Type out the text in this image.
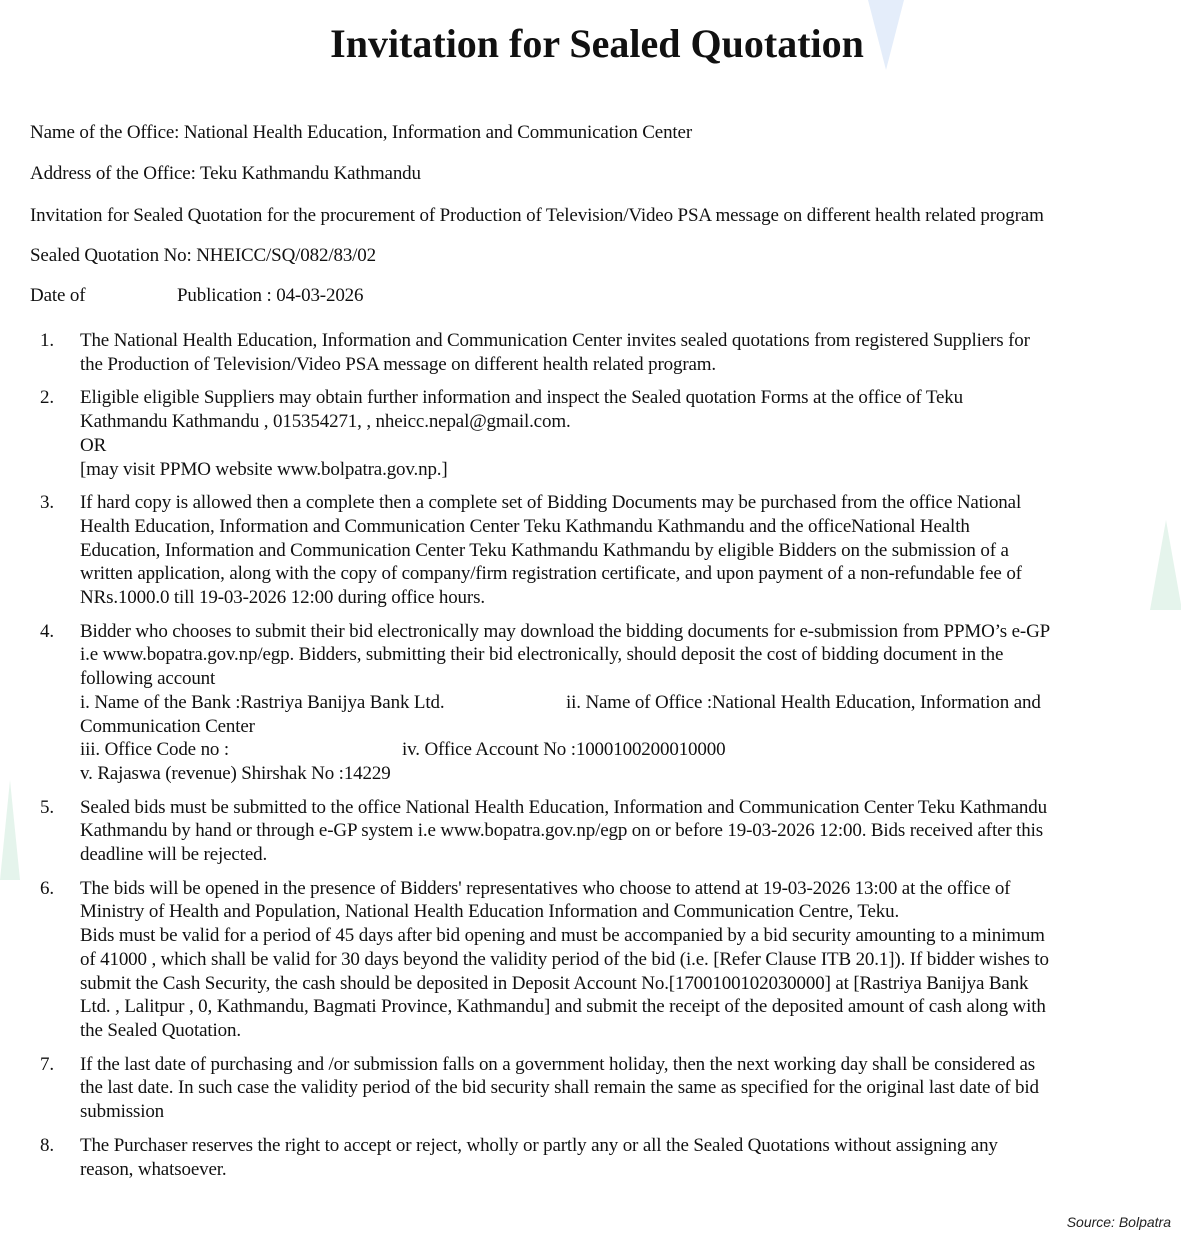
Invitation for Sealed Quotation
Name of the Office: National Health Education, Information and Communication Center
Address of the Office: Teku Kathmandu Kathmandu
Invitation for Sealed Quotation for the procurement of Production of Television/Video PSA message on different health related program
Sealed Quotation No: NHEICC/SQ/082/83/02
Date of	Publication : 04-03-2026
1. The National Health Education, Information and Communication Center invites sealed quotations from registered Suppliers for
the Production of Television/Video PSA message on different health related program.
2. Eligible eligible Suppliers may obtain further information and inspect the Sealed quotation Forms at the office of Teku
Kathmandu Kathmandu , 015354271, , nheicc.nepal@gmail.com.
OR
[may visit PPMO website www.bolpatra.gov.np.]
3. If hard copy is allowed then a complete then a complete set of Bidding Documents may be purchased from the office National
Health Education, Information and Communication Center Teku Kathmandu Kathmandu and the officeNational Health
Education, Information and Communication Center Teku Kathmandu Kathmandu by eligible Bidders on the submission of a
written application, along with the copy of company/firm registration certificate, and upon payment of a non-refundable fee of
NRs.1000.0 till 19-03-2026 12:00 during office hours.
4. Bidder who chooses to submit their bid electronically may download the bidding documents for e-submission from PPMO’s e-GP
i.e www.bopatra.gov.np/egp. Bidders, submitting their bid electronically, should deposit the cost of bidding document in the
following account
i. Name of the Bank :Rastriya Banijya Bank Ltd.	ii. Name of Office :National Health Education, Information and
Communication Center
iii. Office Code no :	iv. Office Account No :1000100200010000
v. Rajaswa (revenue) Shirshak No :14229
5. Sealed bids must be submitted to the office National Health Education, Information and Communication Center Teku Kathmandu
Kathmandu by hand or through e-GP system i.e www.bopatra.gov.np/egp on or before 19-03-2026 12:00. Bids received after this
deadline will be rejected.
6. The bids will be opened in the presence of Bidders' representatives who choose to attend at 19-03-2026 13:00 at the office of
Ministry of Health and Population, National Health Education Information and Communication Centre, Teku.
Bids must be valid for a period of 45 days after bid opening and must be accompanied by a bid security amounting to a minimum
of 41000 , which shall be valid for 30 days beyond the validity period of the bid (i.e. [Refer Clause ITB 20.1]). If bidder wishes to
submit the Cash Security, the cash should be deposited in Deposit Account No.[1700100102030000] at [Rastriya Banijya Bank
Ltd. , Lalitpur , 0, Kathmandu, Bagmati Province, Kathmandu] and submit the receipt of the deposited amount of cash along with
the Sealed Quotation.
7. If the last date of purchasing and /or submission falls on a government holiday, then the next working day shall be considered as
the last date. In such case the validity period of the bid security shall remain the same as specified for the original last date of bid
submission
8. The Purchaser reserves the right to accept or reject, wholly or partly any or all the Sealed Quotations without assigning any
reason, whatsoever.
Source: Bolpatra
